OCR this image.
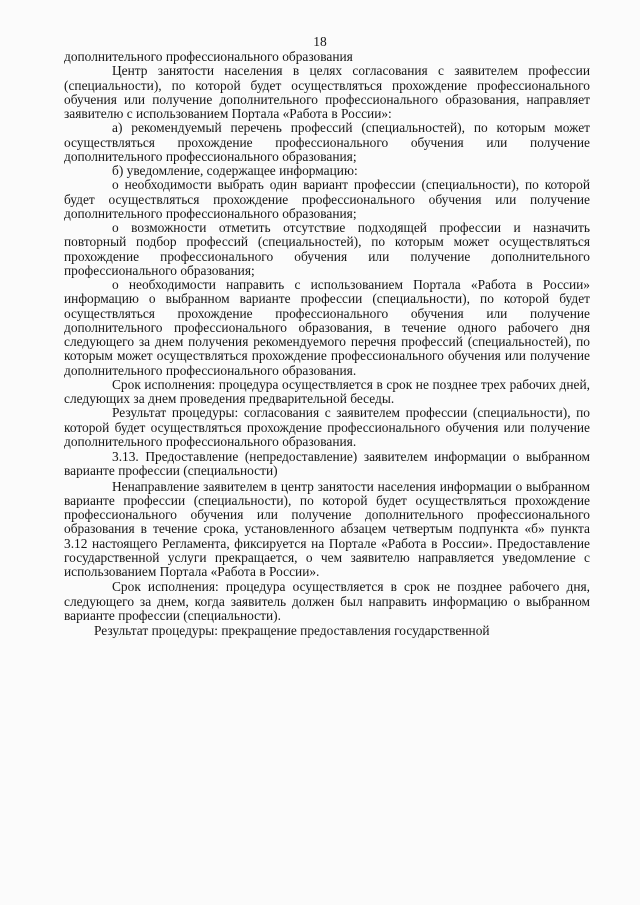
18

дополнительного профессионального образования

Центр занятости населения в целях согласования с заявителем профессии (специальности), по которой будет осуществляться прохождение профессионального обучения или получение дополнительного профессионального образования, направляет заявителю с использованием Портала «Работа в России»:

а) рекомендуемый перечень профессий (специальностей), по которым может осуществляться прохождение профессионального обучения или получение дополнительного профессионального образования;

б) уведомление, содержащее информацию:

о необходимости выбрать один вариант профессии (специальности), по которой будет осуществляться прохождение профессионального обучения или получение дополнительного профессионального образования;

о возможности отметить отсутствие подходящей профессии и назначить повторный подбор профессий (специальностей), по которым может осуществляться прохождение профессионального обучения или получение дополнительного профессионального образования;

о необходимости направить с использованием Портала «Работа в России» информацию о выбранном варианте профессии (специальности), по которой будет осуществляться прохождение профессионального обучения или получение дополнительного профессионального образования, в течение одного рабочего дня следующего за днем получения рекомендуемого перечня профессий (специальностей), по которым может осуществляться прохождение профессионального обучения или получение дополнительного профессионального образования.

Срок исполнения: процедура осуществляется в срок не позднее трех рабочих дней, следующих за днем проведения предварительной беседы.

Результат процедуры: согласования с заявителем профессии (специальности), по которой будет осуществляться прохождение профессионального обучения или получение дополнительного профессионального образования.

3.13. Предоставление (непредоставление) заявителем информации о выбранном варианте профессии (специальности)

Ненаправление заявителем в центр занятости населения информации о выбранном варианте профессии (специальности), по которой будет осуществляться прохождение профессионального обучения или получение дополнительного профессионального образования в течение срока, установленного абзацем четвертым подпункта «б» пункта 3.12 настоящего Регламента, фиксируется на Портале «Работа в России». Предоставление государственной услуги прекращается, о чем заявителю направляется уведомление с использованием Портала «Работа в России».

Срок исполнения: процедура осуществляется в срок не позднее рабочего дня, следующего за днем, когда заявитель должен был направить информацию о выбранном варианте профессии (специальности).

Результат процедуры: прекращение предоставления государственной
